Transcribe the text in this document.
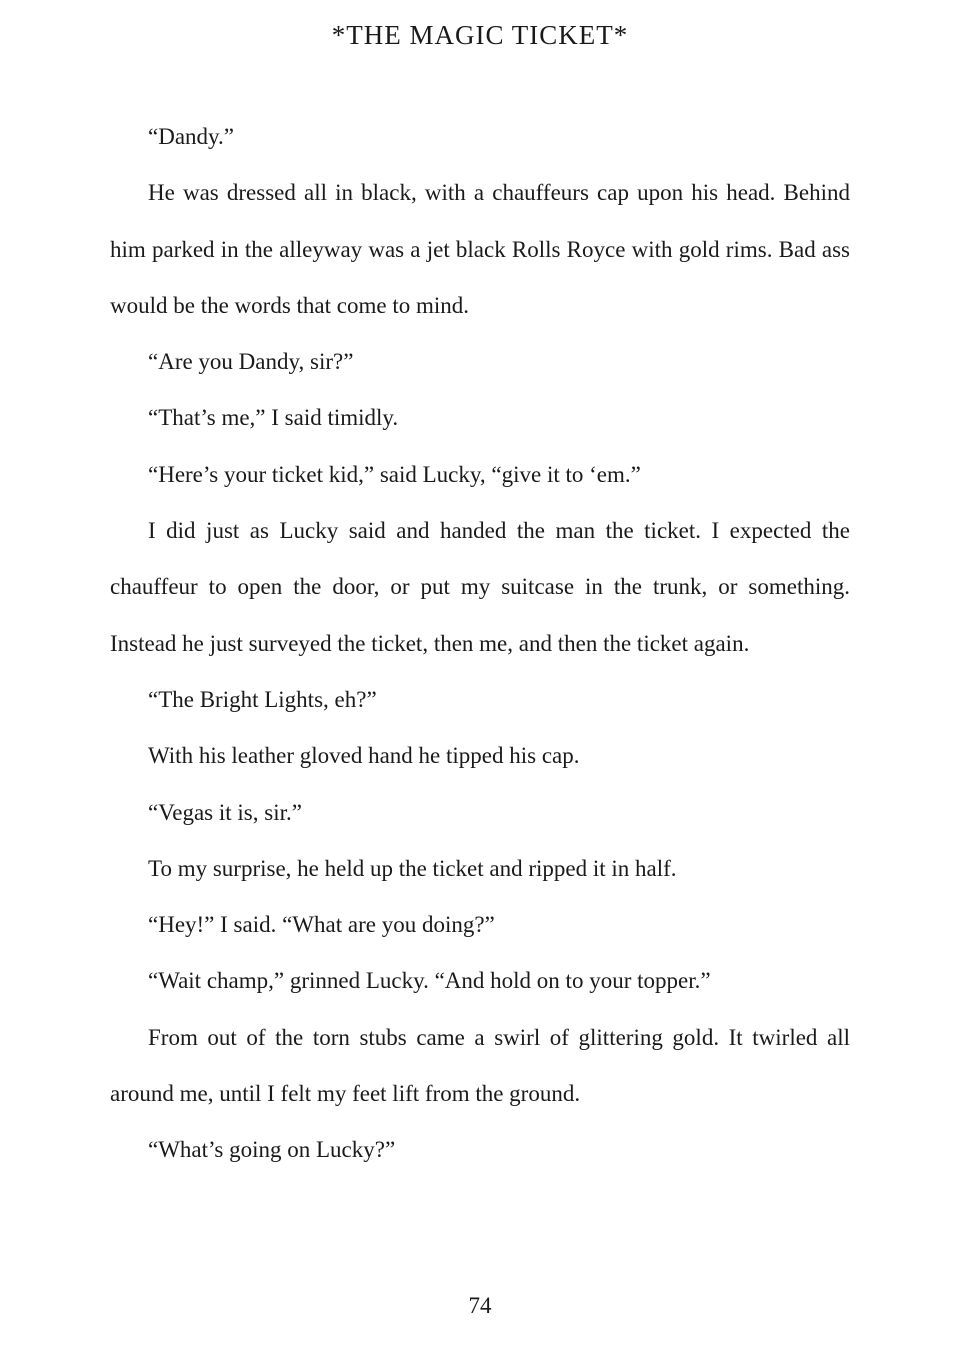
*THE MAGIC TICKET*

“Dandy.”

He was dressed all in black, with a chauffeurs cap upon his head. Behind him parked in the alleyway was a jet black Rolls Royce with gold rims. Bad ass would be the words that come to mind.

“Are you Dandy, sir?”

“That’s me,” I said timidly.

“Here’s your ticket kid,” said Lucky, “give it to ‘em.”

I did just as Lucky said and handed the man the ticket. I expected the chauffeur to open the door, or put my suitcase in the trunk, or something. Instead he just surveyed the ticket, then me, and then the ticket again.

“The Bright Lights, eh?”

With his leather gloved hand he tipped his cap.

“Vegas it is, sir.”

To my surprise, he held up the ticket and ripped it in half.

“Hey!” I said. “What are you doing?”

“Wait champ,” grinned Lucky. “And hold on to your topper.”

From out of the torn stubs came a swirl of glittering gold. It twirled all around me, until I felt my feet lift from the ground.

“What’s going on Lucky?”

74
